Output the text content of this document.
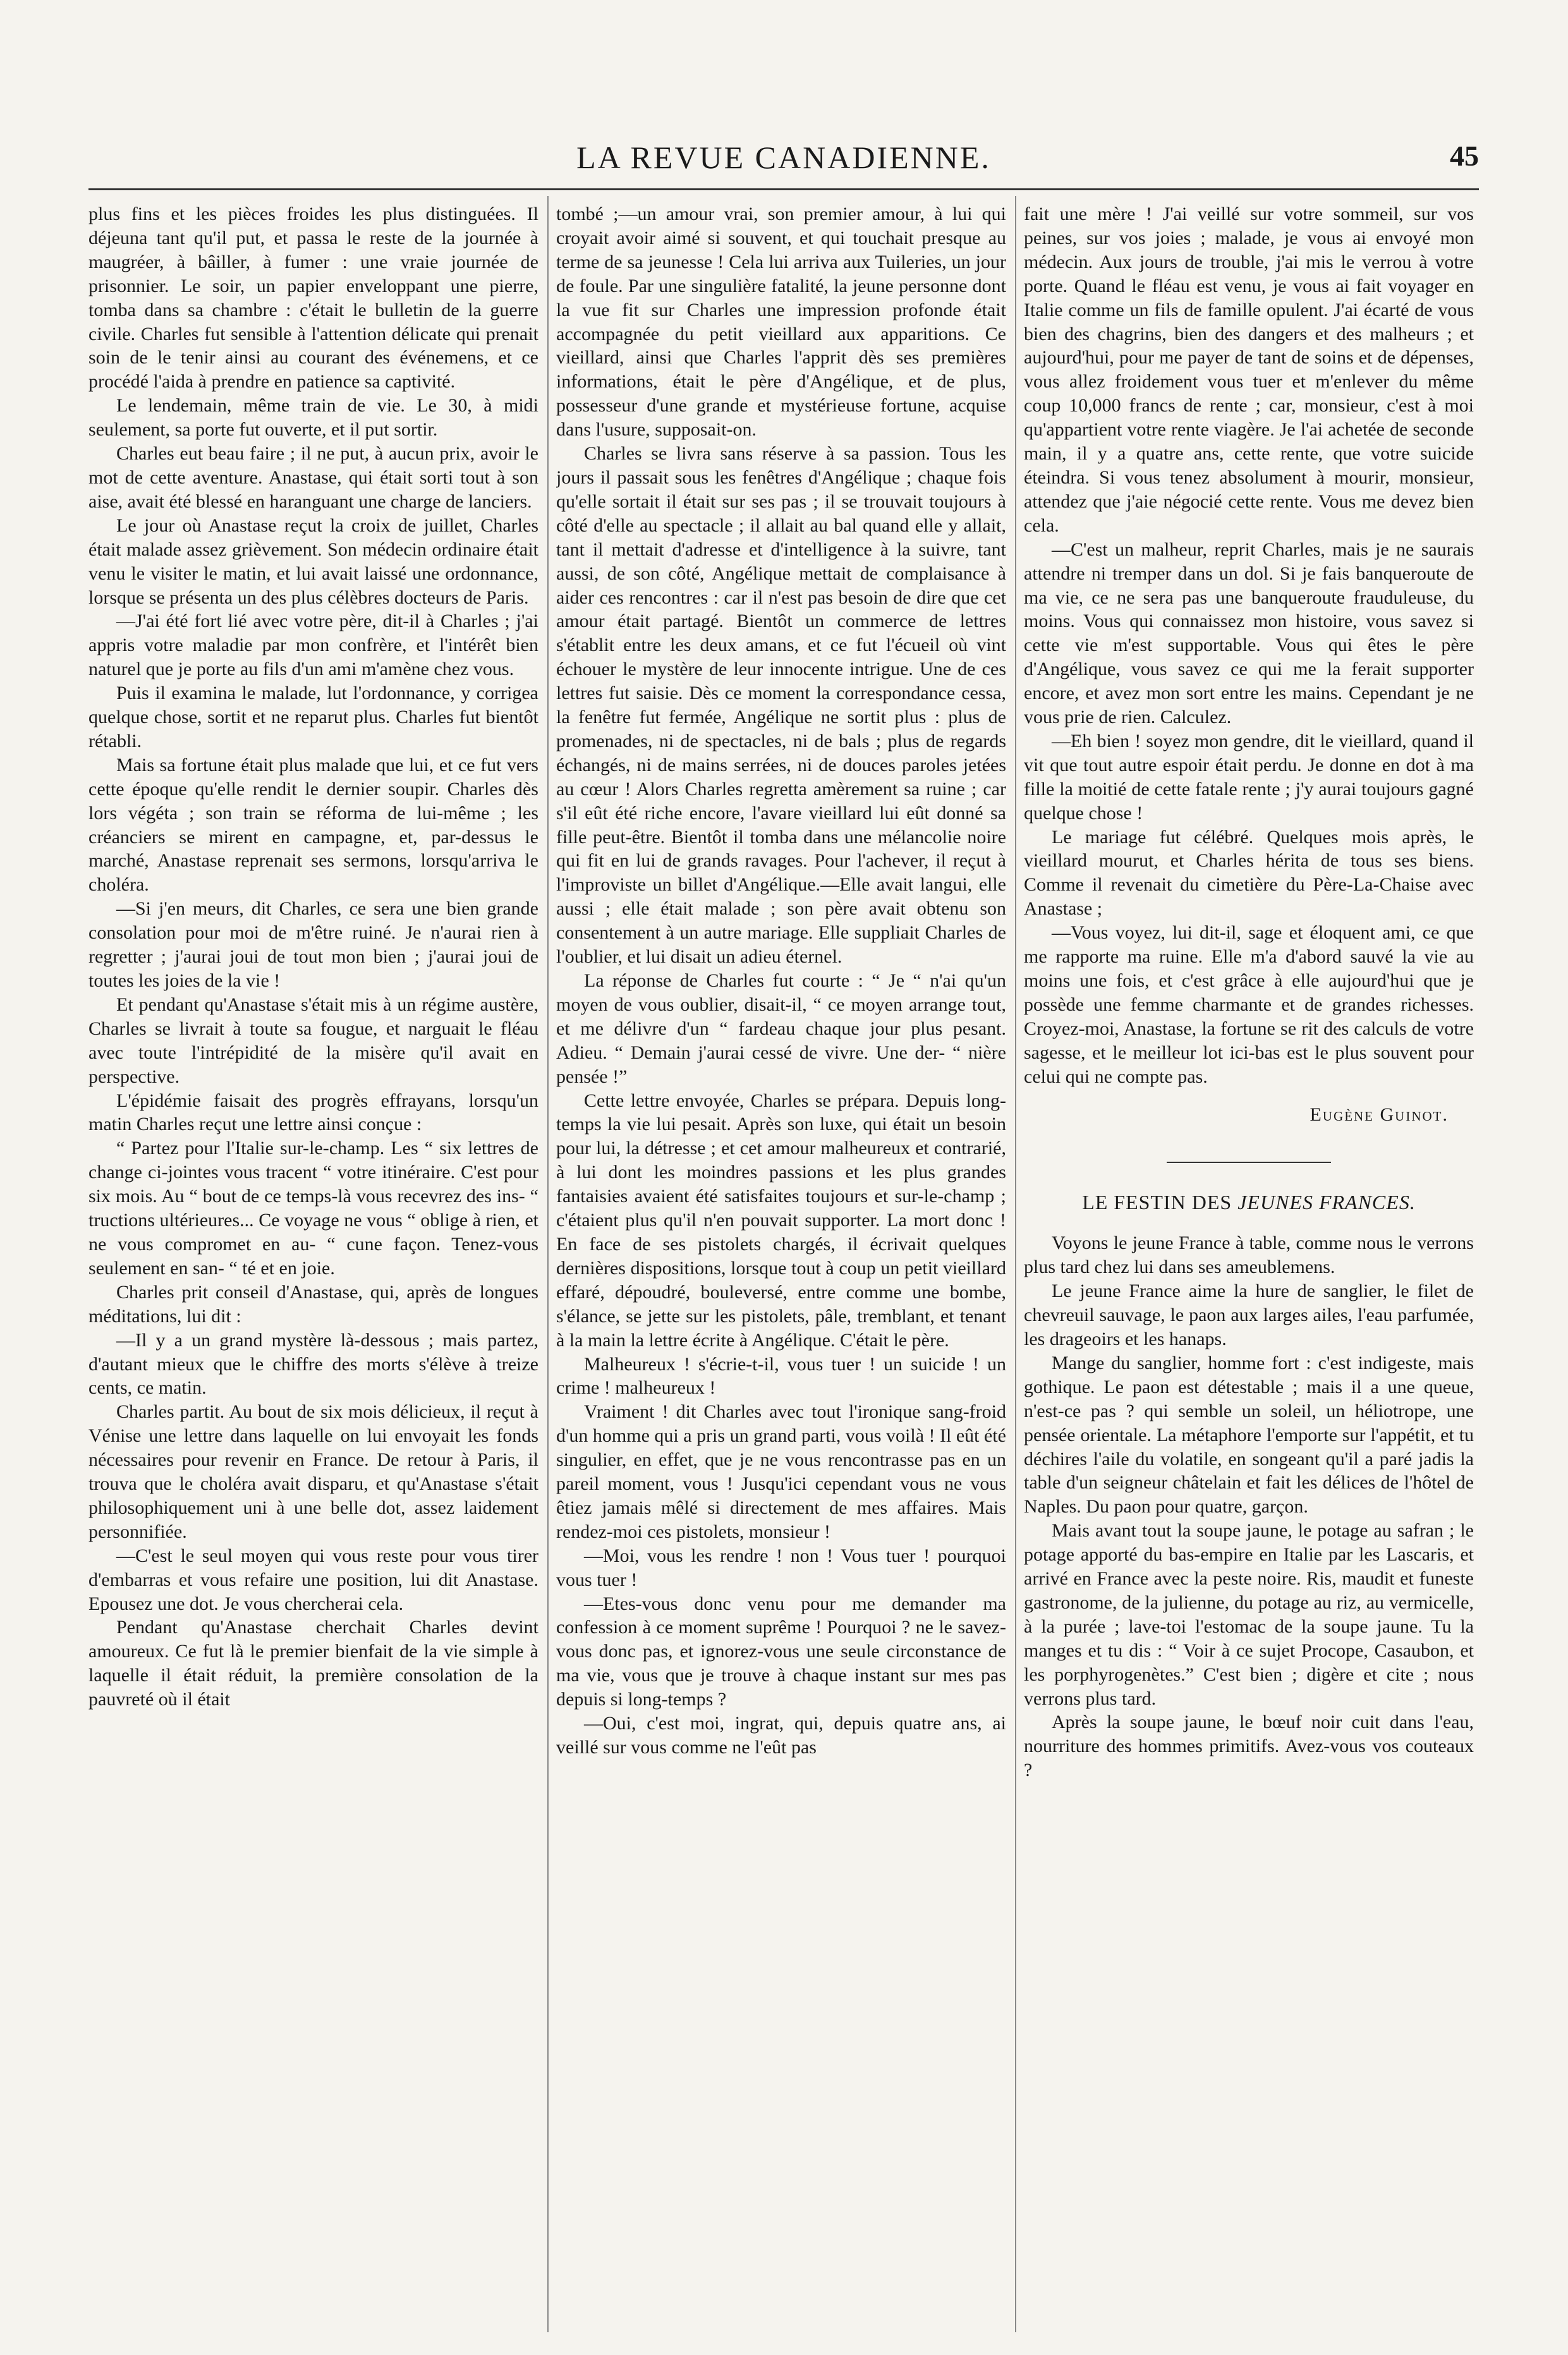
LA REVUE CANADIENNE.	45

plus fins et les pièces froides les plus distinguées. Il déjeuna tant qu'il put, et passa le reste de la journée à maugréer, à bâiller, à fumer : une vraie journée de prisonnier. Le soir, un papier enveloppant une pierre, tomba dans sa chambre : c'était le bulletin de la guerre civile. Charles fut sensible à l'attention délicate qui prenait soin de le tenir ainsi au courant des événemens, et ce procédé l'aida à prendre en patience sa captivité.

Le lendemain, même train de vie. Le 30, à midi seulement, sa porte fut ouverte, et il put sortir.

Charles eut beau faire ; il ne put, à aucun prix, avoir le mot de cette aventure. Anastase, qui était sorti tout à son aise, avait été blessé en haranguant une charge de lanciers.

Le jour où Anastase reçut la croix de juillet, Charles était malade assez grièvement. Son médecin ordinaire était venu le visiter le matin, et lui avait laissé une ordonnance, lorsque se présenta un des plus célèbres docteurs de Paris.

—J'ai été fort lié avec votre père, dit-il à Charles ; j'ai appris votre maladie par mon confrère, et l'intérêt bien naturel que je porte au fils d'un ami m'amène chez vous.

Puis il examina le malade, lut l'ordonnance, y corrigea quelque chose, sortit et ne reparut plus. Charles fut bientôt rétabli.

Mais sa fortune était plus malade que lui, et ce fut vers cette époque qu'elle rendit le dernier soupir. Charles dès lors végéta ; son train se réforma de lui-même ; les créanciers se mirent en campagne, et, par-dessus le marché, Anastase reprenait ses sermons, lorsqu'arriva le choléra.

—Si j'en meurs, dit Charles, ce sera une bien grande consolation pour moi de m'être ruiné. Je n'aurai rien à regretter ; j'aurai joui de tout mon bien ; j'aurai joui de toutes les joies de la vie !

Et pendant qu'Anastase s'était mis à un régime austère, Charles se livrait à toute sa fougue, et narguait le fléau avec toute l'intrépidité de la misère qu'il avait en perspective.

L'épidémie faisait des progrès effrayans, lorsqu'un matin Charles reçut une lettre ainsi conçue :

“ Partez pour l'Italie sur-le-champ. Les “ six lettres de change ci-jointes vous tracent “ votre itinéraire. C'est pour six mois. Au “ bout de ce temps-là vous recevrez des ins- “ tructions ultérieures... Ce voyage ne vous “ oblige à rien, et ne vous compromet en au- “ cune façon. Tenez-vous seulement en san- “ té et en joie.

Charles prit conseil d'Anastase, qui, après de longues méditations, lui dit :

—Il y a un grand mystère là-dessous ; mais partez, d'autant mieux que le chiffre des morts s'élève à treize cents, ce matin.

Charles partit. Au bout de six mois délicieux, il reçut à Vénise une lettre dans laquelle on lui envoyait les fonds nécessaires pour revenir en France. De retour à Paris, il trouva que le choléra avait disparu, et qu'Anastase s'était philosophiquement uni à une belle dot, assez laidement personnifiée.

—C'est le seul moyen qui vous reste pour vous tirer d'embarras et vous refaire une position, lui dit Anastase. Epousez une dot. Je vous chercherai cela.

Pendant qu'Anastase cherchait Charles devint amoureux. Ce fut là le premier bienfait de la vie simple à laquelle il était réduit, la première consolation de la pauvreté où il était

tombé ;—un amour vrai, son premier amour, à lui qui croyait avoir aimé si souvent, et qui touchait presque au terme de sa jeunesse ! Cela lui arriva aux Tuileries, un jour de foule. Par une singulière fatalité, la jeune personne dont la vue fit sur Charles une impression profonde était accompagnée du petit vieillard aux apparitions. Ce vieillard, ainsi que Charles l'apprit dès ses premières informations, était le père d'Angélique, et de plus, possesseur d'une grande et mystérieuse fortune, acquise dans l'usure, supposait-on.

Charles se livra sans réserve à sa passion. Tous les jours il passait sous les fenêtres d'Angélique ; chaque fois qu'elle sortait il était sur ses pas ; il se trouvait toujours à côté d'elle au spectacle ; il allait au bal quand elle y allait, tant il mettait d'adresse et d'intelligence à la suivre, tant aussi, de son côté, Angélique mettait de complaisance à aider ces rencontres : car il n'est pas besoin de dire que cet amour était partagé. Bientôt un commerce de lettres s'établit entre les deux amans, et ce fut l'écueil où vint échouer le mystère de leur innocente intrigue. Une de ces lettres fut saisie. Dès ce moment la correspondance cessa, la fenêtre fut fermée, Angélique ne sortit plus : plus de promenades, ni de spectacles, ni de bals ; plus de regards échangés, ni de mains serrées, ni de douces paroles jetées au cœur ! Alors Charles regretta amèrement sa ruine ; car s'il eût été riche encore, l'avare vieillard lui eût donné sa fille peut-être. Bientôt il tomba dans une mélancolie noire qui fit en lui de grands ravages. Pour l'achever, il reçut à l'improviste un billet d'Angélique.—Elle avait langui, elle aussi ; elle était malade ; son père avait obtenu son consentement à un autre mariage. Elle suppliait Charles de l'oublier, et lui disait un adieu éternel.

La réponse de Charles fut courte : “ Je “ n'ai qu'un moyen de vous oublier, disait-il, “ ce moyen arrange tout, et me délivre d'un “ fardeau chaque jour plus pesant. Adieu. “ Demain j'aurai cessé de vivre. Une der- “ nière pensée !”

Cette lettre envoyée, Charles se prépara. Depuis long-temps la vie lui pesait. Après son luxe, qui était un besoin pour lui, la détresse ; et cet amour malheureux et contrarié, à lui dont les moindres passions et les plus grandes fantaisies avaient été satisfaites toujours et sur-le-champ ; c'étaient plus qu'il n'en pouvait supporter. La mort donc ! En face de ses pistolets chargés, il écrivait quelques dernières dispositions, lorsque tout à coup un petit vieillard effaré, dépoudré, bouleversé, entre comme une bombe, s'élance, se jette sur les pistolets, pâle, tremblant, et tenant à la main la lettre écrite à Angélique. C'était le père.

Malheureux ! s'écrie-t-il, vous tuer ! un suicide ! un crime ! malheureux !

Vraiment ! dit Charles avec tout l'ironique sang-froid d'un homme qui a pris un grand parti, vous voilà ! Il eût été singulier, en effet, que je ne vous rencontrasse pas en un pareil moment, vous ! Jusqu'ici cependant vous ne vous êtiez jamais mêlé si directement de mes affaires. Mais rendez-moi ces pistolets, monsieur !

—Moi, vous les rendre ! non ! Vous tuer ! pourquoi vous tuer !

—Etes-vous donc venu pour me demander ma confession à ce moment suprême ! Pourquoi ? ne le savez-vous donc pas, et ignorez-vous une seule circonstance de ma vie, vous que je trouve à chaque instant sur mes pas depuis si long-temps ?

—Oui, c'est moi, ingrat, qui, depuis quatre ans, ai veillé sur vous comme ne l'eût pas

fait une mère ! J'ai veillé sur votre sommeil, sur vos peines, sur vos joies ; malade, je vous ai envoyé mon médecin. Aux jours de trouble, j'ai mis le verrou à votre porte. Quand le fléau est venu, je vous ai fait voyager en Italie comme un fils de famille opulent. J'ai écarté de vous bien des chagrins, bien des dangers et des malheurs ; et aujourd'hui, pour me payer de tant de soins et de dépenses, vous allez froidement vous tuer et m'enlever du même coup 10,000 francs de rente ; car, monsieur, c'est à moi qu'appartient votre rente viagère. Je l'ai achetée de seconde main, il y a quatre ans, cette rente, que votre suicide éteindra. Si vous tenez absolument à mourir, monsieur, attendez que j'aie négocié cette rente. Vous me devez bien cela.

—C'est un malheur, reprit Charles, mais je ne saurais attendre ni tremper dans un dol. Si je fais banqueroute de ma vie, ce ne sera pas une banqueroute frauduleuse, du moins. Vous qui connaissez mon histoire, vous savez si cette vie m'est supportable. Vous qui êtes le père d'Angélique, vous savez ce qui me la ferait supporter encore, et avez mon sort entre les mains. Cependant je ne vous prie de rien. Calculez.

—Eh bien ! soyez mon gendre, dit le vieillard, quand il vit que tout autre espoir était perdu. Je donne en dot à ma fille la moitié de cette fatale rente ; j'y aurai toujours gagné quelque chose !

Le mariage fut célébré. Quelques mois après, le vieillard mourut, et Charles hérita de tous ses biens. Comme il revenait du cimetière du Père-La-Chaise avec Anastase ;

—Vous voyez, lui dit-il, sage et éloquent ami, ce que me rapporte ma ruine. Elle m'a d'abord sauvé la vie au moins une fois, et c'est grâce à elle aujourd'hui que je possède une femme charmante et de grandes richesses. Croyez-moi, Anastase, la fortune se rit des calculs de votre sagesse, et le meilleur lot ici-bas est le plus souvent pour celui qui ne compte pas.

Eugène Guinot.
LE FESTIN DES JEUNES FRANCES.

Voyons le jeune France à table, comme nous le verrons plus tard chez lui dans ses ameublemens.

Le jeune France aime la hure de sanglier, le filet de chevreuil sauvage, le paon aux larges ailes, l'eau parfumée, les drageoirs et les hanaps.

Mange du sanglier, homme fort : c'est indigeste, mais gothique. Le paon est détestable ; mais il a une queue, n'est-ce pas ? qui semble un soleil, un héliotrope, une pensée orientale. La métaphore l'emporte sur l'appétit, et tu déchires l'aile du volatile, en songeant qu'il a paré jadis la table d'un seigneur châtelain et fait les délices de l'hôtel de Naples. Du paon pour quatre, garçon.

Mais avant tout la soupe jaune, le potage au safran ; le potage apporté du bas-empire en Italie par les Lascaris, et arrivé en France avec la peste noire. Ris, maudit et funeste gastronome, de la julienne, du potage au riz, au vermicelle, à la purée ; lave-toi l'estomac de la soupe jaune. Tu la manges et tu dis : “ Voir à ce sujet Procope, Casaubon, et les porphyrogenètes.” C'est bien ; digère et cite ; nous verrons plus tard.

Après la soupe jaune, le bœuf noir cuit dans l'eau, nourriture des hommes primitifs. Avez-vous vos couteaux ?
